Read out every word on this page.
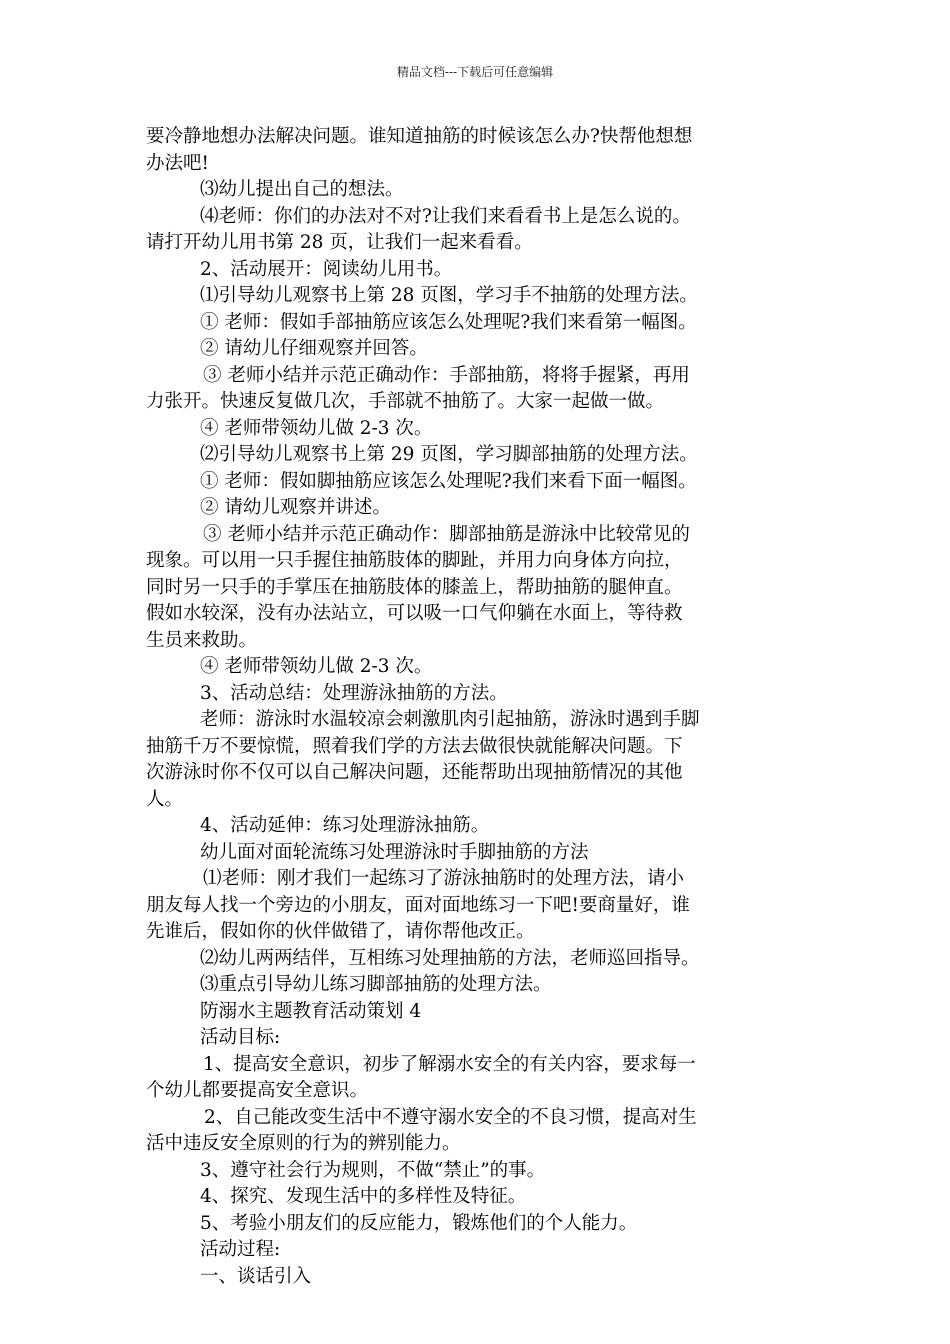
精品文档---下载后可任意编辑
要冷静地想办法解决问题。谁知道抽筋的时候该怎么办?快帮他想想
办法吧!
⑶幼儿提出自己的想法。
⑷老师：你们的办法对不对?让我们来看看书上是怎么说的。
请打开幼儿用书第 28 页，让我们一起来看看。
2、活动展开：阅读幼儿用书。
⑴引导幼儿观察书上第 28 页图，学习手不抽筋的处理方法。
① 老师：假如手部抽筋应该怎么处理呢?我们来看第一幅图。
② 请幼儿仔细观察并回答。
③ 老师小结并示范正确动作：手部抽筋，将将手握紧，再用
力张开。快速反复做几次，手部就不抽筋了。大家一起做一做。
④ 老师带领幼儿做 2-3 次。
⑵引导幼儿观察书上第 29 页图，学习脚部抽筋的处理方法。
① 老师：假如脚抽筋应该怎么处理呢?我们来看下面一幅图。
② 请幼儿观察并讲述。
③ 老师小结并示范正确动作：脚部抽筋是游泳中比较常见的
现象。可以用一只手握住抽筋肢体的脚趾，并用力向身体方向拉，
同时另一只手的手掌压在抽筋肢体的膝盖上，帮助抽筋的腿伸直。
假如水较深，没有办法站立，可以吸一口气仰躺在水面上，等待救
生员来救助。
④ 老师带领幼儿做 2-3 次。
3、活动总结：处理游泳抽筋的方法。
老师：游泳时水温较凉会刺激肌肉引起抽筋，游泳时遇到手脚
抽筋千万不要惊慌，照着我们学的方法去做很快就能解决问题。下
次游泳时你不仅可以自己解决问题，还能帮助出现抽筋情况的其他
人。
4、活动延伸：练习处理游泳抽筋。
幼儿面对面轮流练习处理游泳时手脚抽筋的方法
⑴老师：刚才我们一起练习了游泳抽筋时的处理方法，请小
朋友每人找一个旁边的小朋友，面对面地练习一下吧!要商量好，谁
先谁后，假如你的伙伴做错了，请你帮他改正。
⑵幼儿两两结伴，互相练习处理抽筋的方法，老师巡回指导。
⑶重点引导幼儿练习脚部抽筋的处理方法。
防溺水主题教育活动策划 4
活动目标:
1、提高安全意识，初步了解溺水安全的有关内容，要求每一
个幼儿都要提高安全意识。
2、自己能改变生活中不遵守溺水安全的不良习惯，提高对生
活中违反安全原则的行为的辨别能力。
3、遵守社会行为规则，不做“禁止”的事。
4、探究、发现生活中的多样性及特征。
5、考验小朋友们的反应能力，锻炼他们的个人能力。
活动过程:
一、谈话引入
